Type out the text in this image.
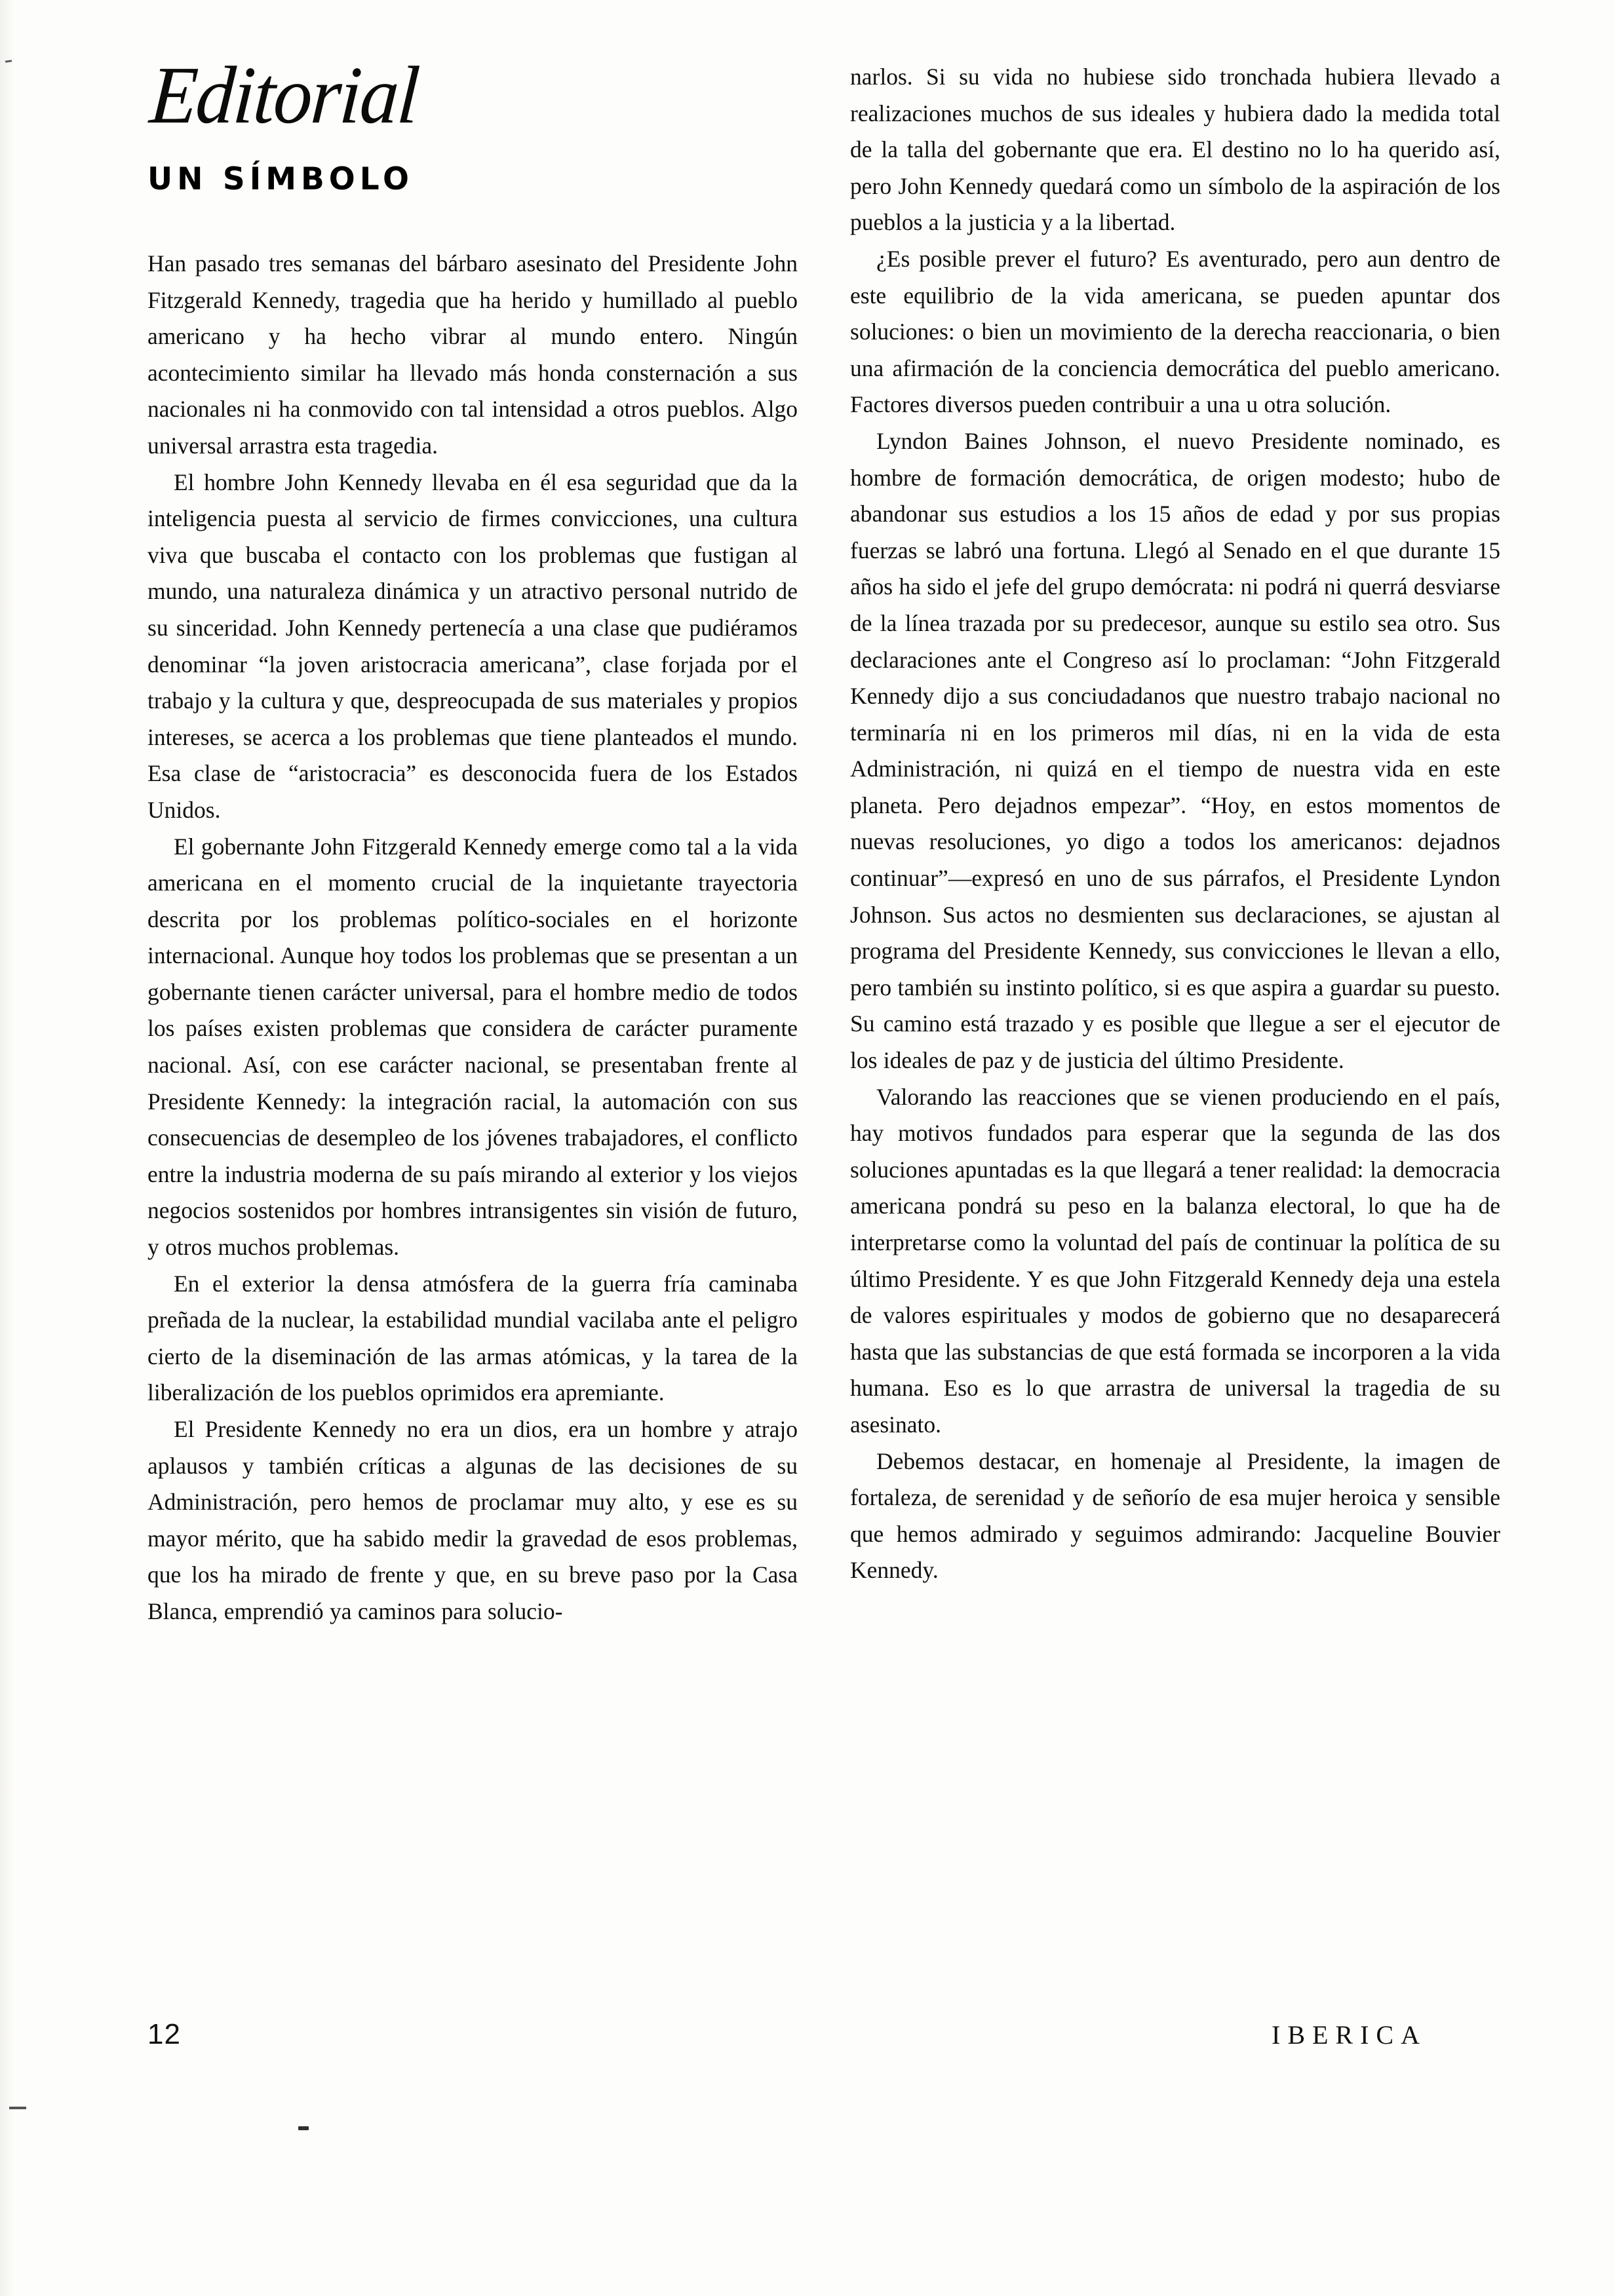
Editorial
UN SÍMBOLO

Han pasado tres semanas del bárbaro asesinato del Presidente John Fitzgerald Kennedy, tragedia que ha herido y humillado al pueblo americano y ha hecho vibrar al mundo entero. Ningún acontecimiento similar ha llevado más honda consternación a sus nacionales ni ha conmovido con tal intensidad a otros pueblos. Algo universal arrastra esta tragedia.

El hombre John Kennedy llevaba en él esa seguridad que da la inteligencia puesta al servicio de firmes convicciones, una cultura viva que buscaba el contacto con los problemas que fustigan al mundo, una naturaleza dinámica y un atractivo personal nutrido de su sinceridad. John Kennedy pertenecía a una clase que pudiéramos denominar “la joven aristocracia americana”, clase forjada por el trabajo y la cultura y que, despreocupada de sus materiales y propios intereses, se acerca a los problemas que tiene planteados el mundo. Esa clase de “aristocracia” es desconocida fuera de los Estados Unidos.

El gobernante John Fitzgerald Kennedy emerge como tal a la vida americana en el momento crucial de la inquietante trayectoria descrita por los problemas político-sociales en el horizonte internacional. Aunque hoy todos los problemas que se presentan a un gobernante tienen carácter universal, para el hombre medio de todos los países existen problemas que considera de carácter puramente nacional. Así, con ese carácter nacional, se presentaban frente al Presidente Kennedy: la integración racial, la automación con sus consecuencias de desempleo de los jóvenes trabajadores, el conflicto entre la industria moderna de su país mirando al exterior y los viejos negocios sostenidos por hombres intransigentes sin visión de futuro, y otros muchos problemas.

En el exterior la densa atmósfera de la guerra fría caminaba preñada de la nuclear, la estabilidad mundial vacilaba ante el peligro cierto de la diseminación de las armas atómicas, y la tarea de la liberalización de los pueblos oprimidos era apremiante.

El Presidente Kennedy no era un dios, era un hombre y atrajo aplausos y también críticas a algunas de las decisiones de su Administración, pero hemos de proclamar muy alto, y ese es su mayor mérito, que ha sabido medir la gravedad de esos problemas, que los ha mirado de frente y que, en su breve paso por la Casa Blanca, emprendió ya caminos para solucio-

narlos. Si su vida no hubiese sido tronchada hubiera llevado a realizaciones muchos de sus ideales y hubiera dado la medida total de la talla del gobernante que era. El destino no lo ha querido así, pero John Kennedy quedará como un símbolo de la aspiración de los pueblos a la justicia y a la libertad.

¿Es posible prever el futuro? Es aventurado, pero aun dentro de este equilibrio de la vida americana, se pueden apuntar dos soluciones: o bien un movimiento de la derecha reaccionaria, o bien una afirmación de la conciencia democrática del pueblo americano. Factores diversos pueden contribuir a una u otra solución.

Lyndon Baines Johnson, el nuevo Presidente nominado, es hombre de formación democrática, de origen modesto; hubo de abandonar sus estudios a los 15 años de edad y por sus propias fuerzas se labró una fortuna. Llegó al Senado en el que durante 15 años ha sido el jefe del grupo demócrata: ni podrá ni querrá desviarse de la línea trazada por su predecesor, aunque su estilo sea otro. Sus declaraciones ante el Congreso así lo proclaman: “John Fitzgerald Kennedy dijo a sus conciudadanos que nuestro trabajo nacional no terminaría ni en los primeros mil días, ni en la vida de esta Administración, ni quizá en el tiempo de nuestra vida en este planeta. Pero dejadnos empezar”. “Hoy, en estos momentos de nuevas resoluciones, yo digo a todos los americanos: dejadnos continuar”—expresó en uno de sus párrafos, el Presidente Lyndon Johnson. Sus actos no desmienten sus declaraciones, se ajustan al programa del Presidente Kennedy, sus convicciones le llevan a ello, pero también su instinto político, si es que aspira a guardar su puesto. Su camino está trazado y es posible que llegue a ser el ejecutor de los ideales de paz y de justicia del último Presidente.

Valorando las reacciones que se vienen produciendo en el país, hay motivos fundados para esperar que la segunda de las dos soluciones apuntadas es la que llegará a tener realidad: la democracia americana pondrá su peso en la balanza electoral, lo que ha de interpretarse como la voluntad del país de continuar la política de su último Presidente. Y es que John Fitzgerald Kennedy deja una estela de valores espirituales y modos de gobierno que no desaparecerá hasta que las substancias de que está formada se incorporen a la vida humana. Eso es lo que arrastra de universal la tragedia de su asesinato.

Debemos destacar, en homenaje al Presidente, la imagen de fortaleza, de serenidad y de señorío de esa mujer heroica y sensible que hemos admirado y seguimos admirando: Jacqueline Bouvier Kennedy.

12	IBERICA
